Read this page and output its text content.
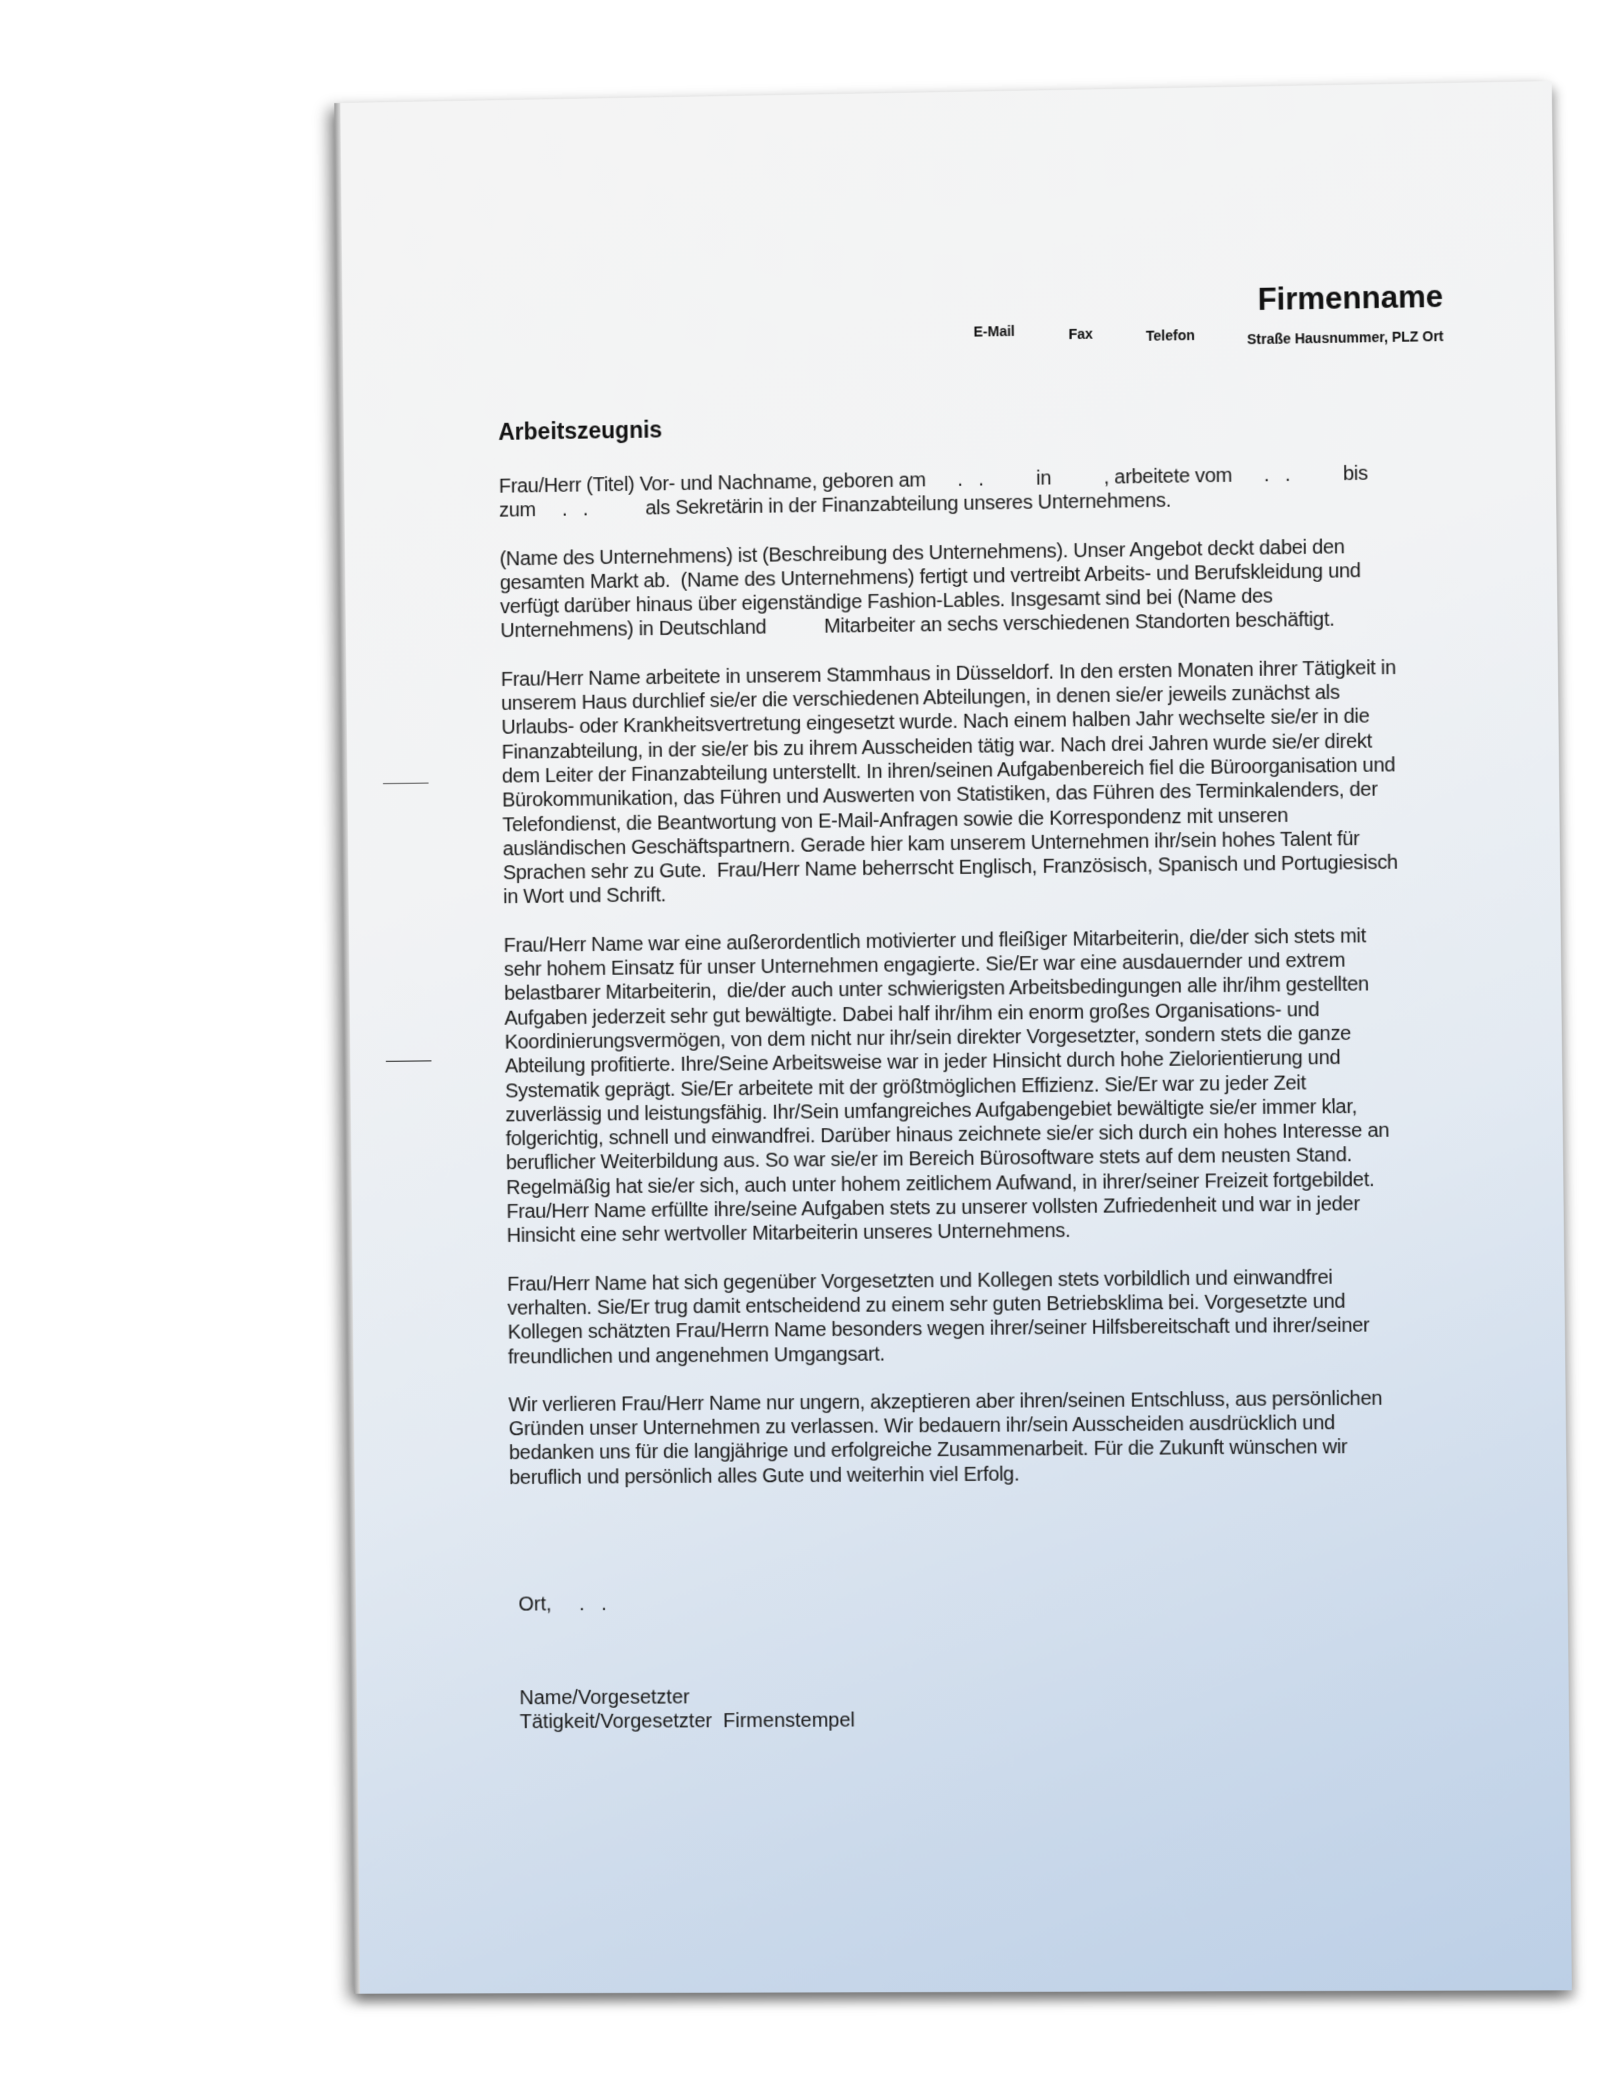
Firmenname
E-Mail	Fax	Telefon	Straße Hausnummer, PLZ Ort
Arbeitszeugnis
Frau/Herr (Titel) Vor- und Nachname, geboren am      .   .          in          , arbeitete vom      .   .          bis
zum     .   .           als Sekretärin in der Finanzabteilung unseres Unternehmens.
(Name des Unternehmens) ist (Beschreibung des Unternehmens). Unser Angebot deckt dabei den
gesamten Markt ab.  (Name des Unternehmens) fertigt und vertreibt Arbeits- und Berufskleidung und
verfügt darüber hinaus über eigenständige Fashion-Lables. Insgesamt sind bei (Name des
Unternehmens) in Deutschland           Mitarbeiter an sechs verschiedenen Standorten beschäftigt.
Frau/Herr Name arbeitete in unserem Stammhaus in Düsseldorf. In den ersten Monaten ihrer Tätigkeit in
unserem Haus durchlief sie/er die verschiedenen Abteilungen, in denen sie/er jeweils zunächst als
Urlaubs- oder Krankheitsvertretung eingesetzt wurde. Nach einem halben Jahr wechselte sie/er in die
Finanzabteilung, in der sie/er bis zu ihrem Ausscheiden tätig war. Nach drei Jahren wurde sie/er direkt
dem Leiter der Finanzabteilung unterstellt. In ihren/seinen Aufgabenbereich fiel die Büroorganisation und
Bürokommunikation, das Führen und Auswerten von Statistiken, das Führen des Terminkalenders, der
Telefondienst, die Beantwortung von E-Mail-Anfragen sowie die Korrespondenz mit unseren
ausländischen Geschäftspartnern. Gerade hier kam unserem Unternehmen ihr/sein hohes Talent für
Sprachen sehr zu Gute.  Frau/Herr Name beherrscht Englisch, Französisch, Spanisch und Portugiesisch
in Wort und Schrift.
Frau/Herr Name war eine außerordentlich motivierter und fleißiger Mitarbeiterin, die/der sich stets mit
sehr hohem Einsatz für unser Unternehmen engagierte. Sie/Er war eine ausdauernder und extrem
belastbarer Mitarbeiterin,  die/der auch unter schwierigsten Arbeitsbedingungen alle ihr/ihm gestellten
Aufgaben jederzeit sehr gut bewältigte. Dabei half ihr/ihm ein enorm großes Organisations- und
Koordinierungsvermögen, von dem nicht nur ihr/sein direkter Vorgesetzter, sondern stets die ganze
Abteilung profitierte. Ihre/Seine Arbeitsweise war in jeder Hinsicht durch hohe Zielorientierung und
Systematik geprägt. Sie/Er arbeitete mit der größtmöglichen Effizienz. Sie/Er war zu jeder Zeit
zuverlässig und leistungsfähig. Ihr/Sein umfangreiches Aufgabengebiet bewältigte sie/er immer klar,
folgerichtig, schnell und einwandfrei. Darüber hinaus zeichnete sie/er sich durch ein hohes Interesse an
beruflicher Weiterbildung aus. So war sie/er im Bereich Bürosoftware stets auf dem neusten Stand.
Regelmäßig hat sie/er sich, auch unter hohem zeitlichem Aufwand, in ihrer/seiner Freizeit fortgebildet.
Frau/Herr Name erfüllte ihre/seine Aufgaben stets zu unserer vollsten Zufriedenheit und war in jeder
Hinsicht eine sehr wertvoller Mitarbeiterin unseres Unternehmens.
Frau/Herr Name hat sich gegenüber Vorgesetzten und Kollegen stets vorbildlich und einwandfrei
verhalten. Sie/Er trug damit entscheidend zu einem sehr guten Betriebsklima bei. Vorgesetzte und
Kollegen schätzten Frau/Herrn Name besonders wegen ihrer/seiner Hilfsbereitschaft und ihrer/seiner
freundlichen und angenehmen Umgangsart.
Wir verlieren Frau/Herr Name nur ungern, akzeptieren aber ihren/seinen Entschluss, aus persönlichen
Gründen unser Unternehmen zu verlassen. Wir bedauern ihr/sein Ausscheiden ausdrücklich und
bedanken uns für die langjährige und erfolgreiche Zusammenarbeit. Für die Zukunft wünschen wir
beruflich und persönlich alles Gute und weiterhin viel Erfolg.
Ort,     .   .
Name/Vorgesetzter
Tätigkeit/Vorgesetzter  Firmenstempel
